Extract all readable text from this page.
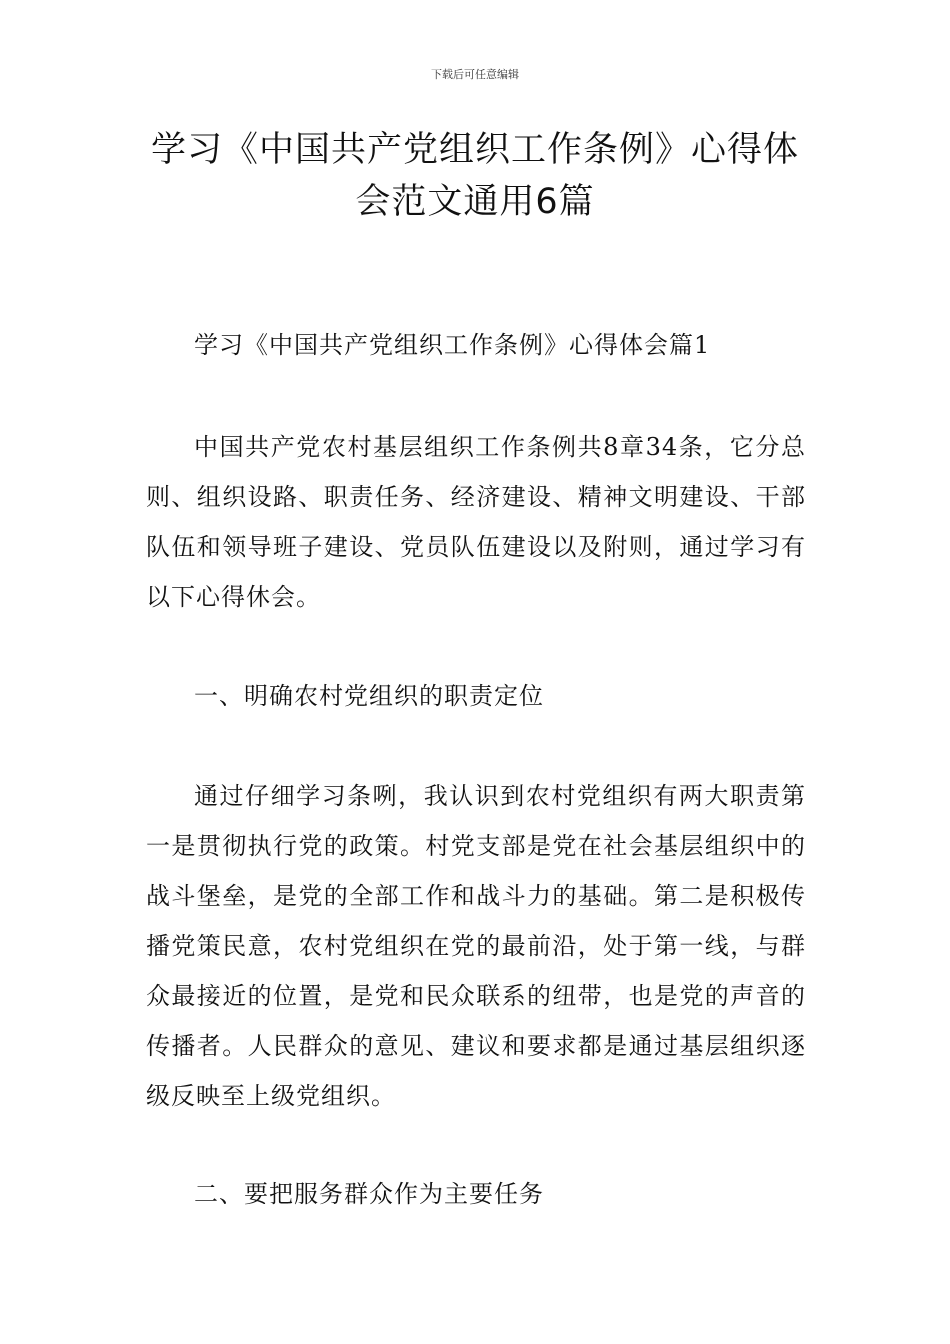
下载后可任意编辑
学习《中国共产党组织工作条例》心得体
会范文通用6篇

学习《中国共产党组织工作条例》心得体会篇1

中国共产党农村基层组织工作条例共8章34条，它分总则、组织设路、职责任务、经济建设、精神文明建设、干部队伍和领导班子建设、党员队伍建设以及附则，通过学习有以下心得休会。

一、明确农村党组织的职责定位

通过仔细学习条咧，我认识到农村党组织有两大职责第一是贯彻执行党的政策。村党支部是党在社会基层组织中的战斗堡垒，是党的全部工作和战斗力的基础。第二是积极传播党策民意，农村党组织在党的最前沿，处于第一线，与群众最接近的位置，是党和民众联系的纽带，也是党的声音的传播者。人民群众的意见、建议和要求都是通过基层组织逐级反映至上级党组织。

二、要把服务群众作为主要任务
